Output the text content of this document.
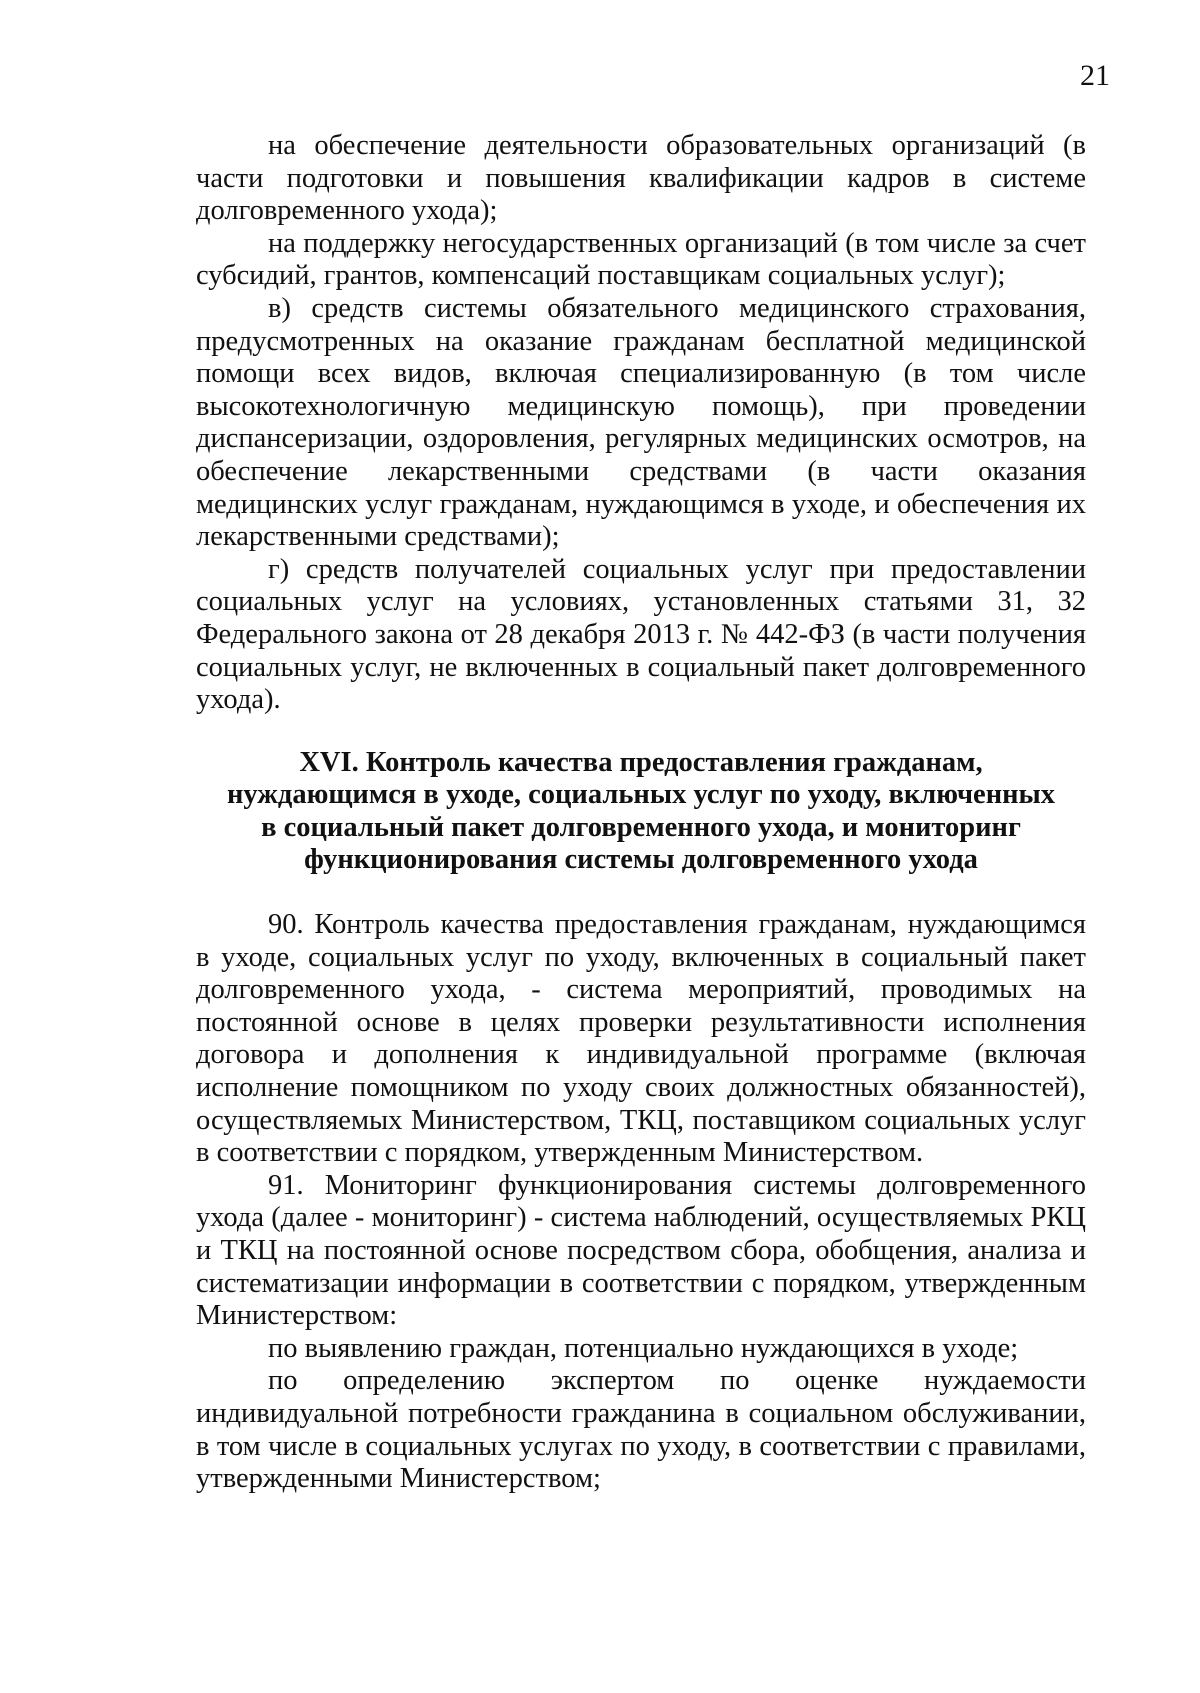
21

на обеспечение деятельности образовательных организаций (в части подготовки и повышения квалификации кадров в системе долговременного ухода);

на поддержку негосударственных организаций (в том числе за счет субсидий, грантов, компенсаций поставщикам социальных услуг);

в) средств системы обязательного медицинского страхования, предусмотренных на оказание гражданам бесплатной медицинской помощи всех видов, включая специализированную (в том числе высокотехнологичную медицинскую помощь), при проведении диспансеризации, оздоровления, регулярных медицинских осмотров, на обеспечение лекарственными средствами (в части оказания медицинских услуг гражданам, нуждающимся в уходе, и обеспечения их лекарственными средствами);

г) средств получателей социальных услуг при предоставлении социальных услуг на условиях, установленных статьями 31, 32 Федерального закона от 28 декабря 2013 г. № 442-ФЗ (в части получения социальных услуг, не включенных в социальный пакет долговременного ухода).

XVI. Контроль качества предоставления гражданам,
нуждающимся в уходе, социальных услуг по уходу, включенных
в социальный пакет долговременного ухода, и мониторинг
функционирования системы долговременного ухода

90. Контроль качества предоставления гражданам, нуждающимся в уходе, социальных услуг по уходу, включенных в социальный пакет долговременного ухода, - система мероприятий, проводимых на постоянной основе в целях проверки результативности исполнения договора и дополнения к индивидуальной программе (включая исполнение помощником по уходу своих должностных обязанностей), осуществляемых Министерством, ТКЦ, поставщиком социальных услуг в соответствии с порядком, утвержденным Министерством.

91. Мониторинг функционирования системы долговременного ухода (далее - мониторинг) - система наблюдений, осуществляемых РКЦ и ТКЦ на постоянной основе посредством сбора, обобщения, анализа и систематизации информации в соответствии с порядком, утвержденным Министерством:

по выявлению граждан, потенциально нуждающихся в уходе;

по определению экспертом по оценке нуждаемости индивидуальной потребности гражданина в социальном обслуживании, в том числе в социальных услугах по уходу, в соответствии с правилами, утвержденными Министерством;
